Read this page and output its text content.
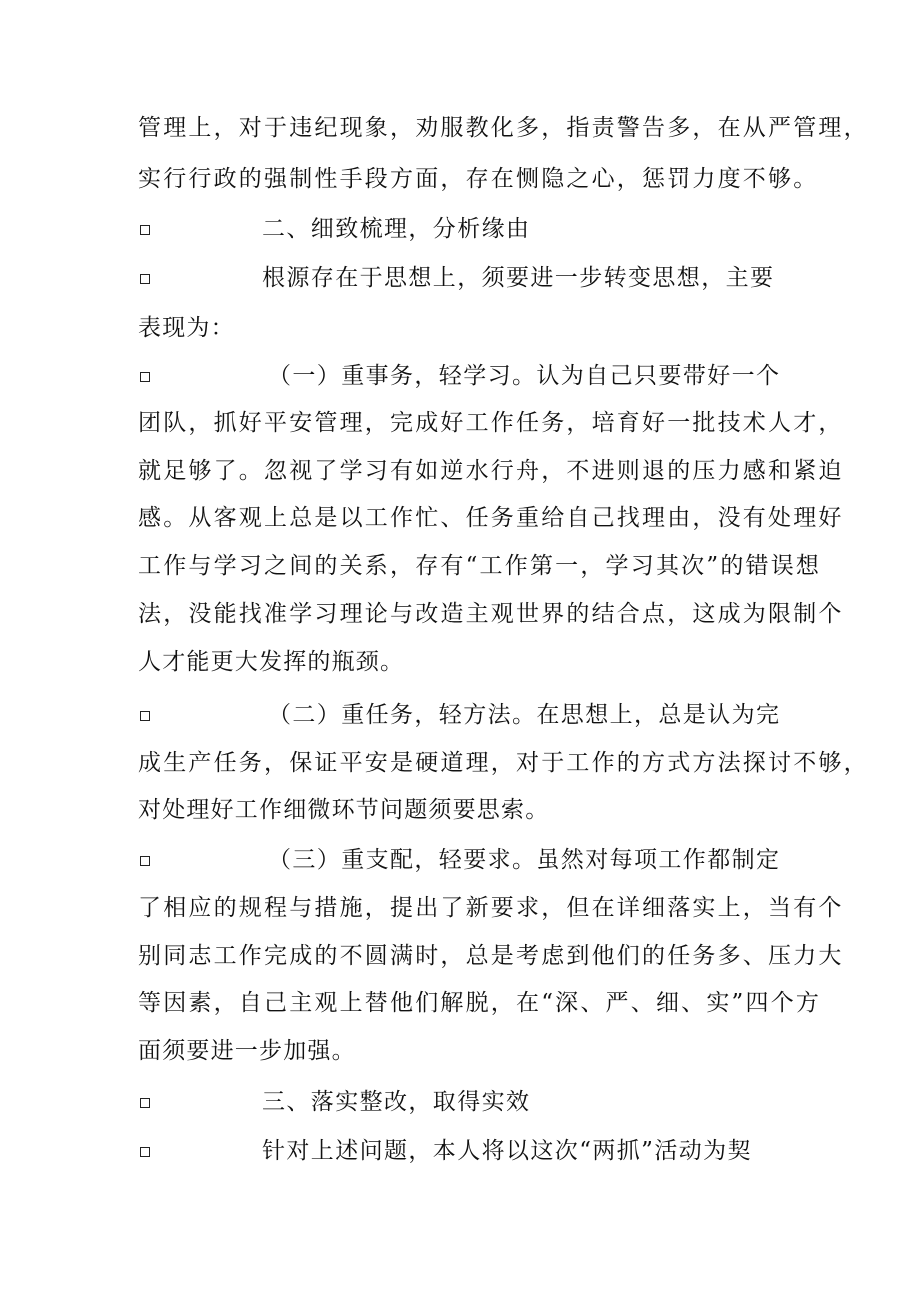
管理上，对于违纪现象，劝服教化多，指责警告多，在从严管理，
实行行政的强制性手段方面，存在恻隐之心，惩罚力度不够。
二、细致梳理，分析缘由
根源存在于思想上，须要进一步转变思想，主要
表现为：
（一）重事务，轻学习。认为自己只要带好一个
团队，抓好平安管理，完成好工作任务，培育好一批技术人才，
就足够了。忽视了学习有如逆水行舟，不进则退的压力感和紧迫
感。从客观上总是以工作忙、任务重给自己找理由，没有处理好
工作与学习之间的关系，存有“工作第一，学习其次”的错误想
法，没能找准学习理论与改造主观世界的结合点，这成为限制个
人才能更大发挥的瓶颈。
（二）重任务，轻方法。在思想上，总是认为完
成生产任务，保证平安是硬道理，对于工作的方式方法探讨不够，
对处理好工作细微环节问题须要思索。
（三）重支配，轻要求。虽然对每项工作都制定
了相应的规程与措施，提出了新要求，但在详细落实上，当有个
别同志工作完成的不圆满时，总是考虑到他们的任务多、压力大
等因素，自己主观上替他们解脱，在“深、严、细、实”四个方
面须要进一步加强。
三、落实整改，取得实效
针对上述问题，本人将以这次“两抓”活动为契
